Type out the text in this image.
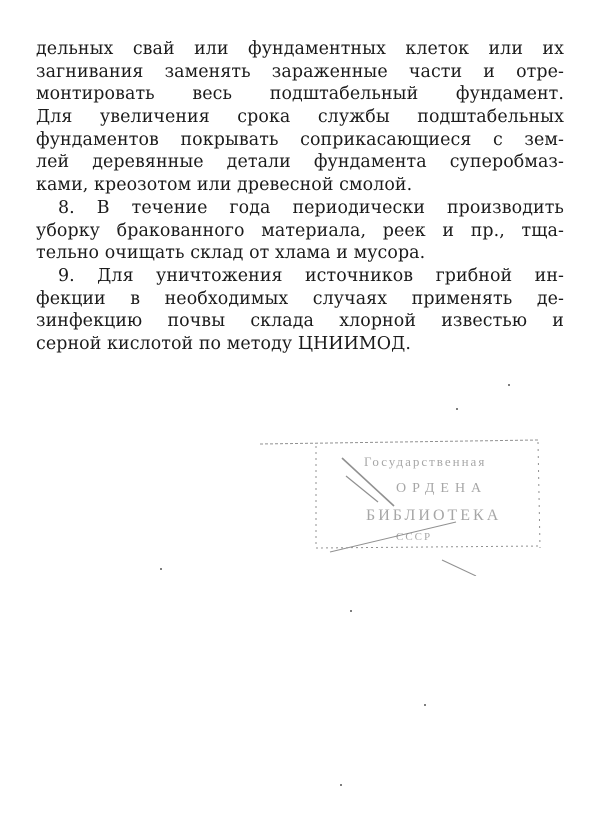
дельных свай или фундаментных клеток или их
загнивания заменять зараженные части и отре-
монтировать весь подштабельный фундамент.
Для увеличения срока службы подштабельных
фундаментов покрывать соприкасающиеся с зем-
лей деревянные детали фундамента суперобмаз-
ками, креозотом или древесной смолой.
8. В течение года периодически производить
уборку бракованного материала, реек и пр., тща-
тельно очищать склад от хлама и мусора.
9. Для уничтожения источников грибной ин-
фекции в необходимых случаях применять де-
зинфекцию почвы склада хлорной известью и
серной кислотой по методу ЦНИИМОД.
Государственная
ОРДЕНА
БИБЛИОТЕКА
СССР
